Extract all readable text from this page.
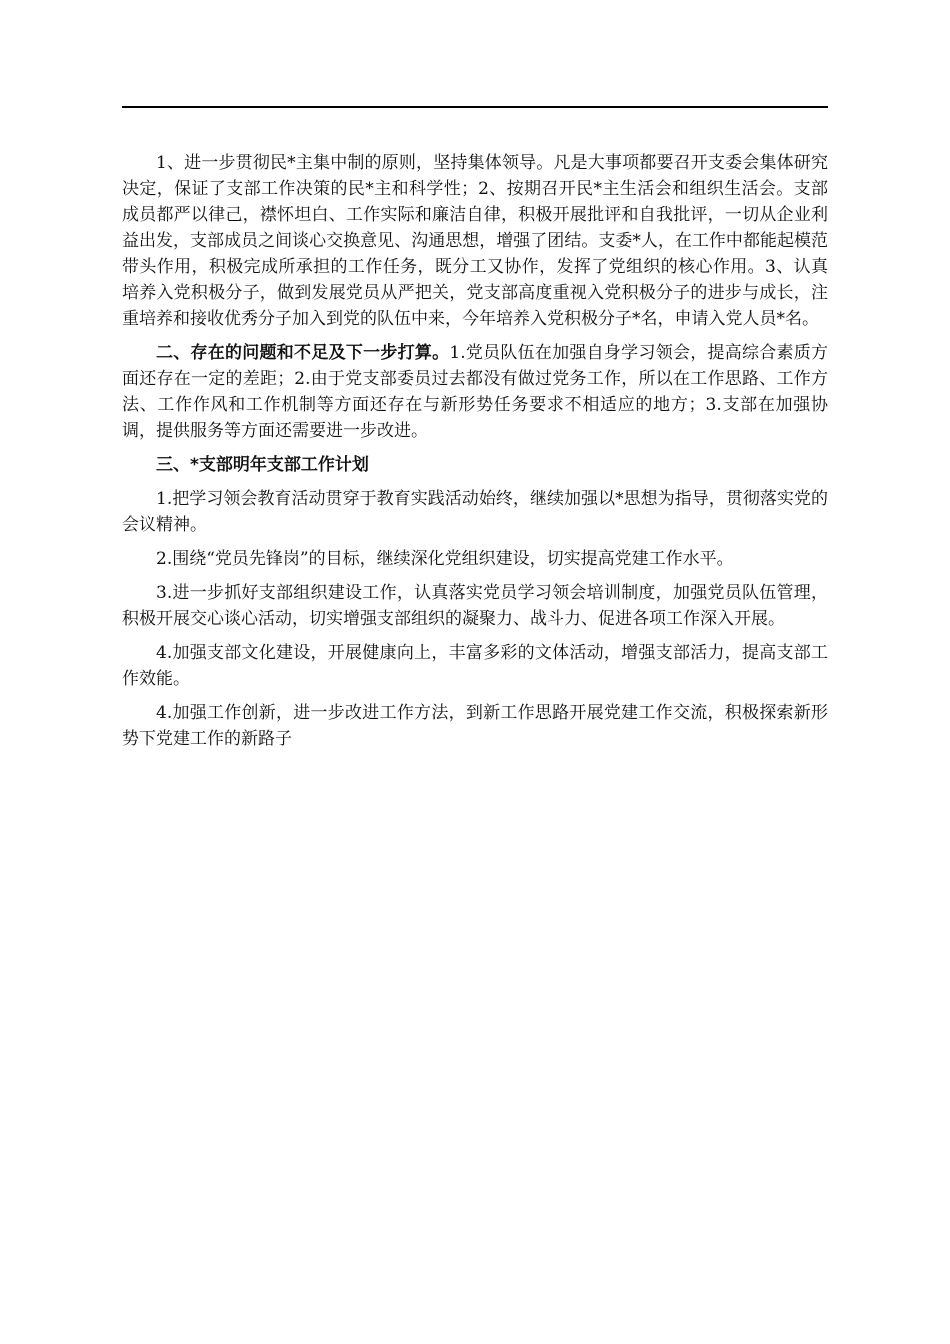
1、进一步贯彻民*主集中制的原则，坚持集体领导。凡是大事项都要召开支委会集体研究决定，保证了支部工作决策的民*主和科学性；2、按期召开民*主生活会和组织生活会。支部成员都严以律己，襟怀坦白、工作实际和廉洁自律，积极开展批评和自我批评，一切从企业利益出发，支部成员之间谈心交换意见、沟通思想，增强了团结。支委*人，在工作中都能起模范带头作用，积极完成所承担的工作任务，既分工又协作，发挥了党组织的核心作用。3、认真培养入党积极分子，做到发展党员从严把关，党支部高度重视入党积极分子的进步与成长，注重培养和接收优秀分子加入到党的队伍中来，今年培养入党积极分子*名，申请入党人员*名。

二、存在的问题和不足及下一步打算。1.党员队伍在加强自身学习领会，提高综合素质方面还存在一定的差距；2.由于党支部委员过去都没有做过党务工作，所以在工作思路、工作方法、工作作风和工作机制等方面还存在与新形势任务要求不相适应的地方；3.支部在加强协调，提供服务等方面还需要进一步改进。

三、*支部明年支部工作计划

1.把学习领会教育活动贯穿于教育实践活动始终，继续加强以*思想为指导，贯彻落实党的会议精神。

2.围绕“党员先锋岗”的目标，继续深化党组织建设，切实提高党建工作水平。

3.进一步抓好支部组织建设工作，认真落实党员学习领会培训制度，加强党员队伍管理，积极开展交心谈心活动，切实增强支部组织的凝聚力、战斗力、促进各项工作深入开展。

4.加强支部文化建设，开展健康向上，丰富多彩的文体活动，增强支部活力，提高支部工作效能。

4.加强工作创新，进一步改进工作方法，到新工作思路开展党建工作交流，积极探索新形势下党建工作的新路子
